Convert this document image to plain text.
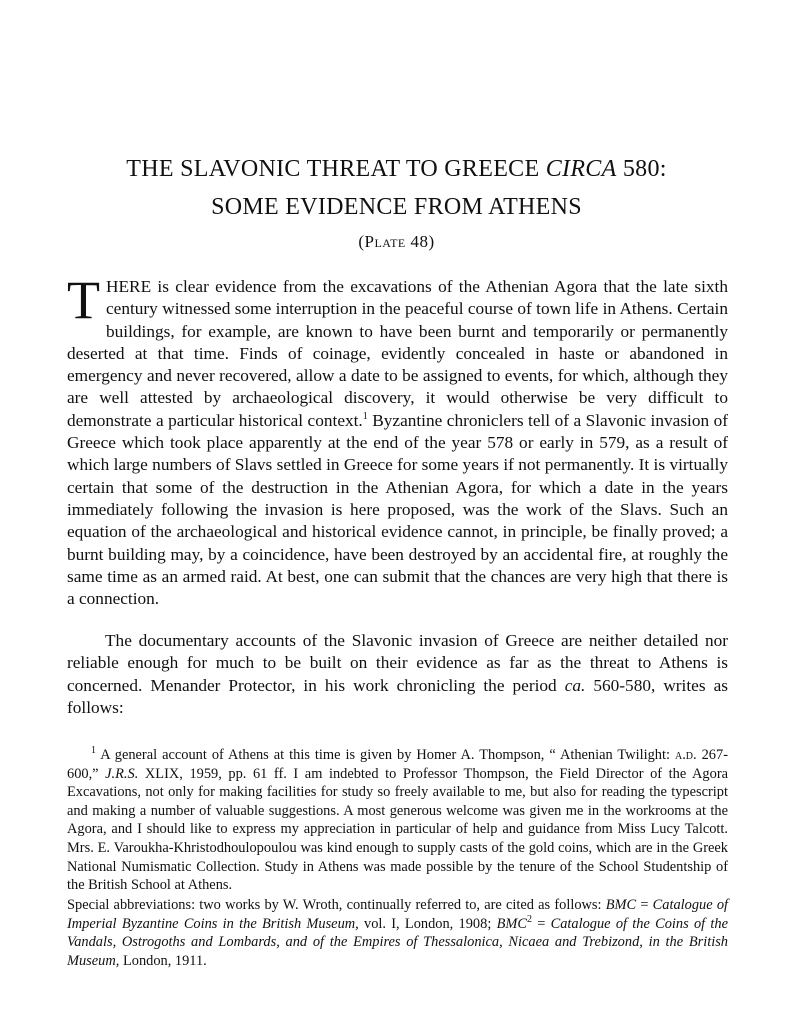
THE SLAVONIC THREAT TO GREECE CIRCA 580:
SOME EVIDENCE FROM ATHENS
(Plate 48)
THERE is clear evidence from the excavations of the Athenian Agora that the late sixth century witnessed some interruption in the peaceful course of town life in Athens. Certain buildings, for example, are known to have been burnt and temporarily or permanently deserted at that time. Finds of coinage, evidently concealed in haste or abandoned in emergency and never recovered, allow a date to be assigned to events, for which, although they are well attested by archaeological discovery, it would otherwise be very difficult to demonstrate a particular historical context.$^1$ Byzantine chroniclers tell of a Slavonic invasion of Greece which took place apparently at the end of the year 578 or early in 579, as a result of which large numbers of Slavs settled in Greece for some years if not permanently. It is virtually certain that some of the destruction in the Athenian Agora, for which a date in the years immediately following the invasion is here proposed, was the work of the Slavs. Such an equation of the archaeological and historical evidence cannot, in principle, be finally proved; a burnt building may, by a coincidence, have been destroyed by an accidental fire, at roughly the same time as an armed raid. At best, one can submit that the chances are very high that there is a connection.
The documentary accounts of the Slavonic invasion of Greece are neither detailed nor reliable enough for much to be built on their evidence as far as the threat to Athens is concerned. Menander Protector, in his work chronicling the period ca. 560-580, writes as follows:
$^1$ A general account of Athens at this time is given by Homer A. Thompson, “ Athenian Twilight: a.d. 267-600,” J.R.S. XLIX, 1959, pp. 61 ff. I am indebted to Professor Thompson, the Field Director of the Agora Excavations, not only for making facilities for study so freely available to me, but also for reading the typescript and making a number of valuable suggestions. A most generous welcome was given me in the workrooms at the Agora, and I should like to express my appreciation in particular of help and guidance from Miss Lucy Talcott. Mrs. E. Varoukha-Khristodhoulopoulou was kind enough to supply casts of the gold coins, which are in the Greek National Numismatic Collection. Study in Athens was made possible by the tenure of the School Studentship of the British School at Athens.
Special abbreviations: two works by W. Wroth, continually referred to, are cited as follows: BMC = Catalogue of Imperial Byzantine Coins in the British Museum, vol. I, London, 1908; $BMC^2$ = Catalogue of the Coins of the Vandals, Ostrogoths and Lombards, and of the Empires of Thessalonica, Nicaea and Trebizond, in the British Museum, London, 1911.
